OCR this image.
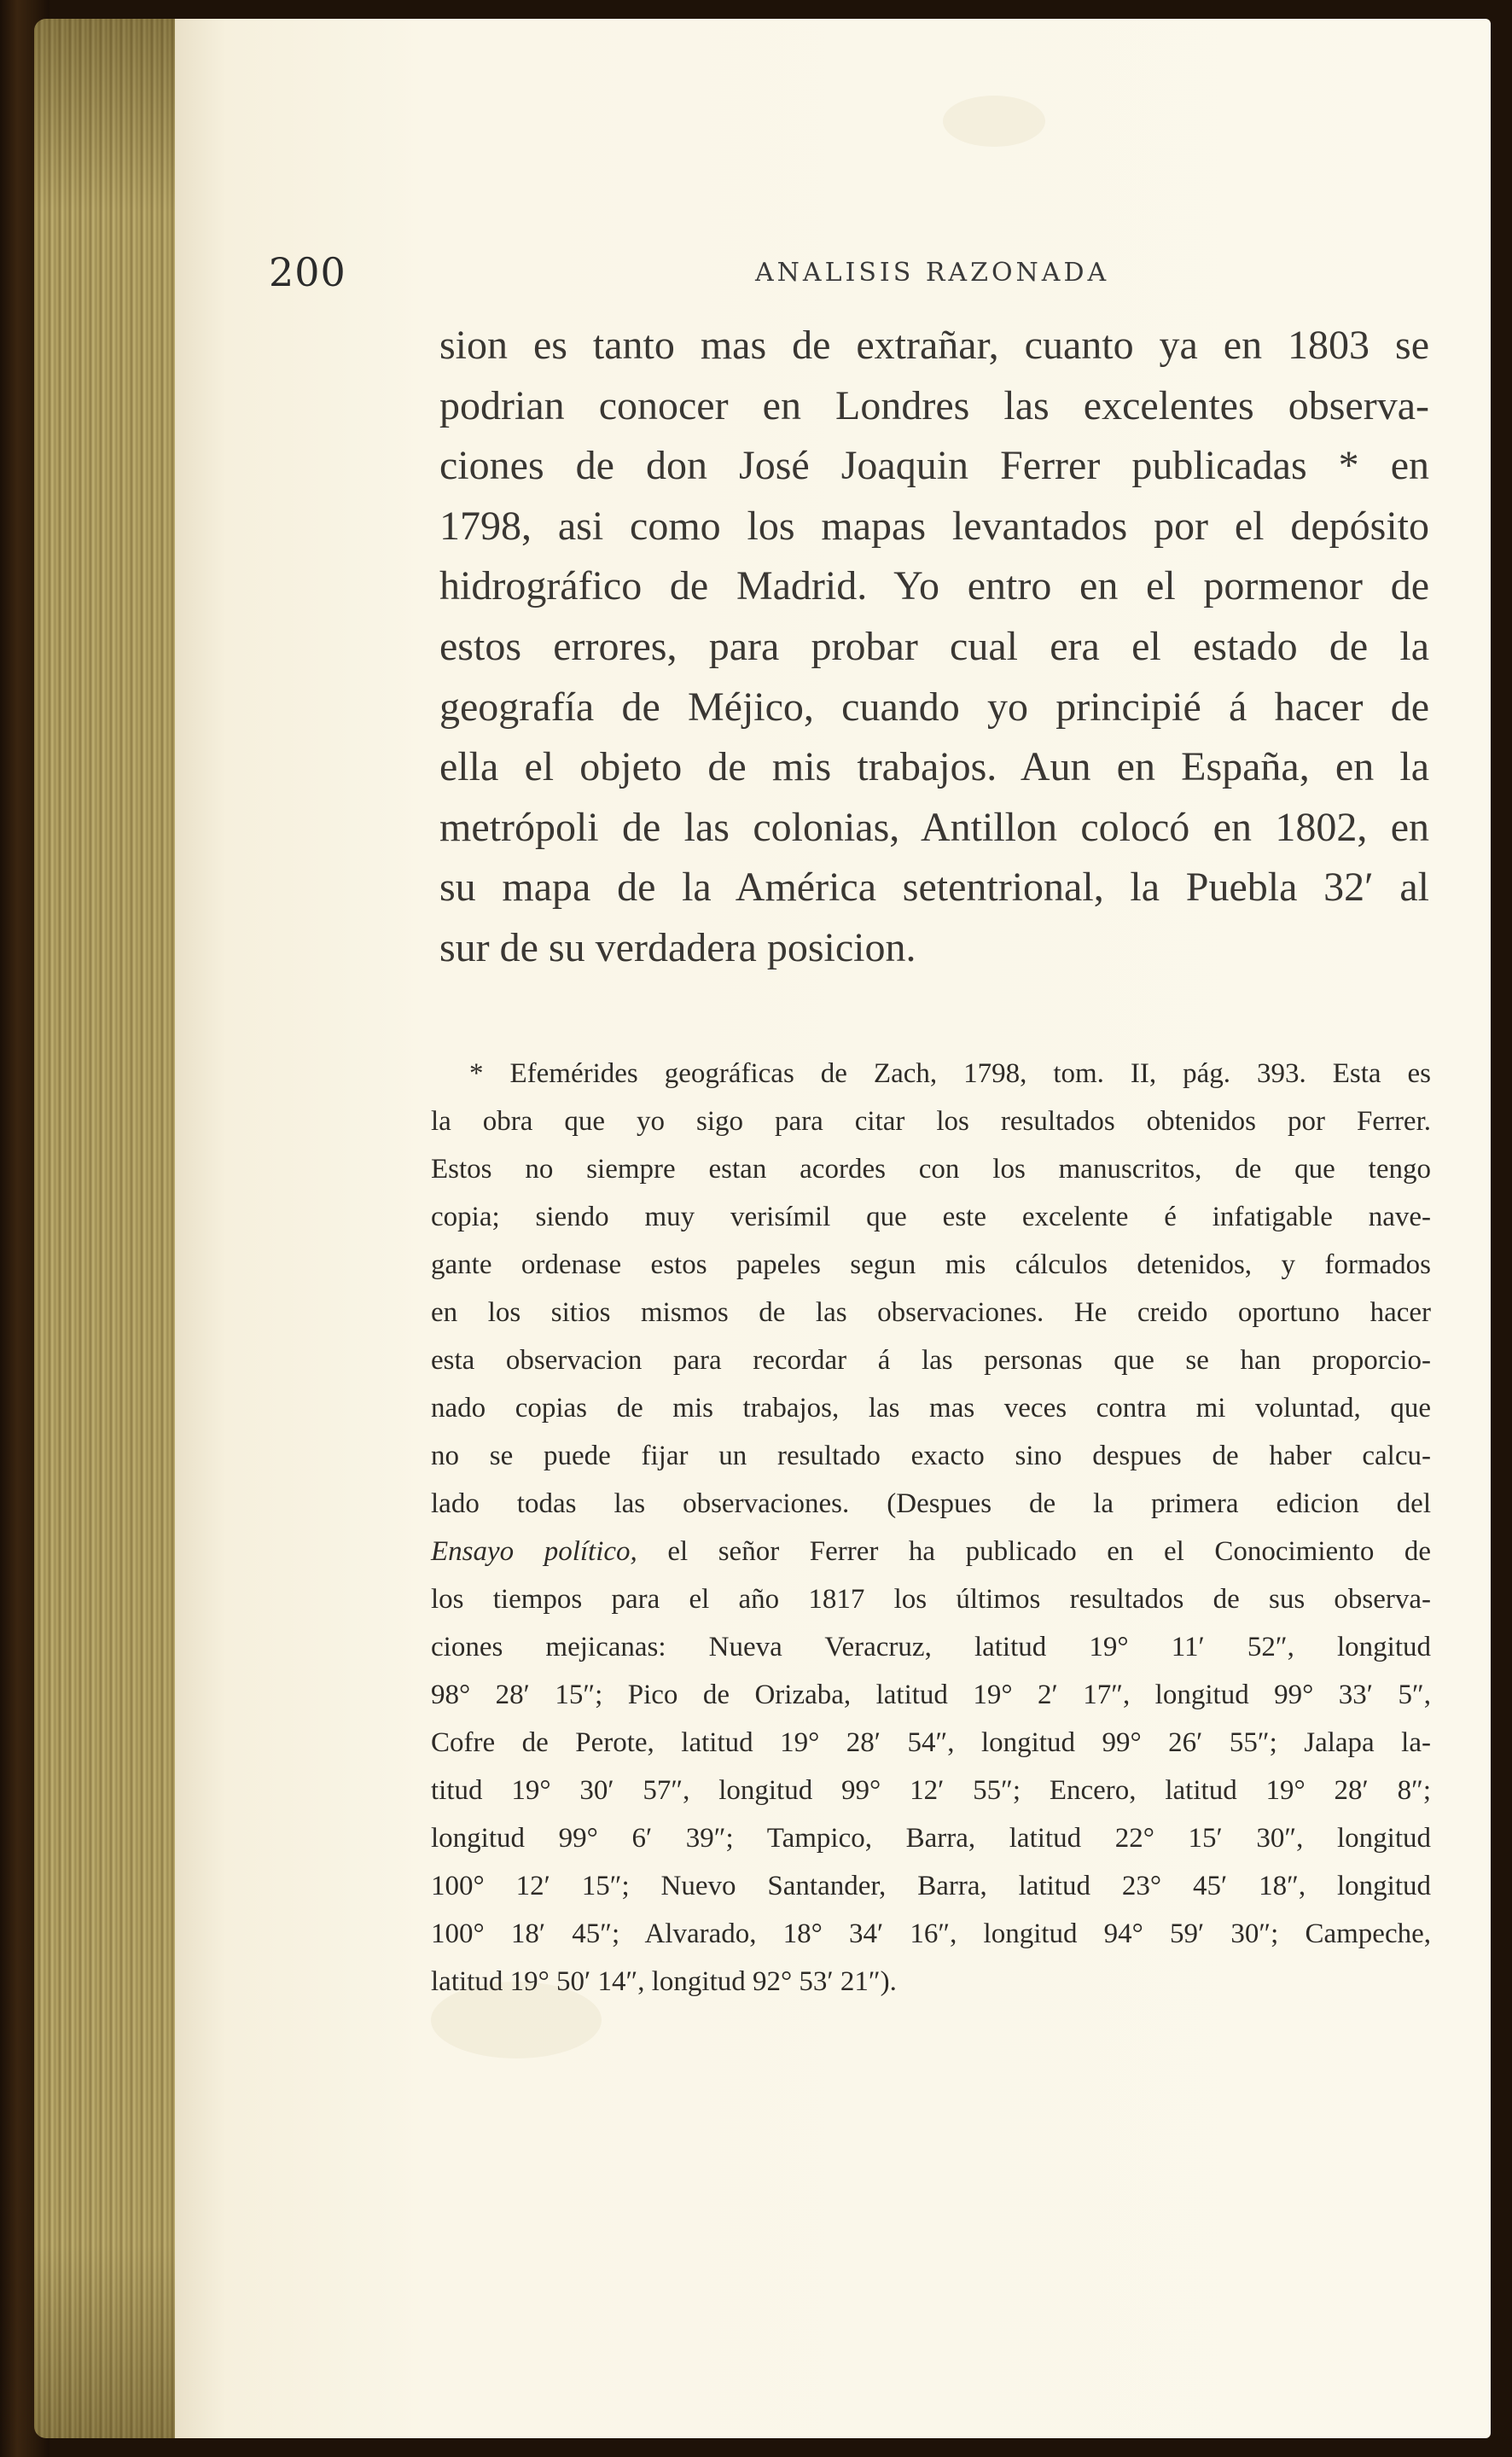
200	ANALISIS RAZONADA
sion es tanto mas de extrañar, cuanto ya en 1803 se
podrian conocer en Londres las excelentes observa-
ciones de don José Joaquin Ferrer publicadas * en
1798, asi como los mapas levantados por el depósito
hidrográfico de Madrid. Yo entro en el pormenor de
estos errores, para probar cual era el estado de la
geografía de Méjico, cuando yo principié á hacer de
ella el objeto de mis trabajos. Aun en España, en la
metrópoli de las colonias, Antillon colocó en 1802, en
su mapa de la América setentrional, la Puebla 32′ al
sur de su verdadera posicion.
* Efemérides geográficas de Zach, 1798, tom. II, pág. 393. Esta es
la obra que yo sigo para citar los resultados obtenidos por Ferrer.
Estos no siempre estan acordes con los manuscritos, de que tengo
copia; siendo muy verisímil que este excelente é infatigable nave-
gante ordenase estos papeles segun mis cálculos detenidos, y formados
en los sitios mismos de las observaciones. He creido oportuno hacer
esta observacion para recordar á las personas que se han proporcio-
nado copias de mis trabajos, las mas veces contra mi voluntad, que
no se puede fijar un resultado exacto sino despues de haber calcu-
lado todas las observaciones. (Despues de la primera edicion del
Ensayo político, el señor Ferrer ha publicado en el Conocimiento de
los tiempos para el año 1817 los últimos resultados de sus observa-
ciones mejicanas: Nueva Veracruz, latitud 19° 11′ 52″, longitud
98° 28′ 15″; Pico de Orizaba, latitud 19° 2′ 17″, longitud 99° 33′ 5″,
Cofre de Perote, latitud 19° 28′ 54″, longitud 99° 26′ 55″; Jalapa la-
titud 19° 30′ 57″, longitud 99° 12′ 55″; Encero, latitud 19° 28′ 8″;
longitud 99° 6′ 39″; Tampico, Barra, latitud 22° 15′ 30″, longitud
100° 12′ 15″; Nuevo Santander, Barra, latitud 23° 45′ 18″, longitud
100° 18′ 45″; Alvarado, 18° 34′ 16″, longitud 94° 59′ 30″; Campeche,
latitud 19° 50′ 14″, longitud 92° 53′ 21″).
